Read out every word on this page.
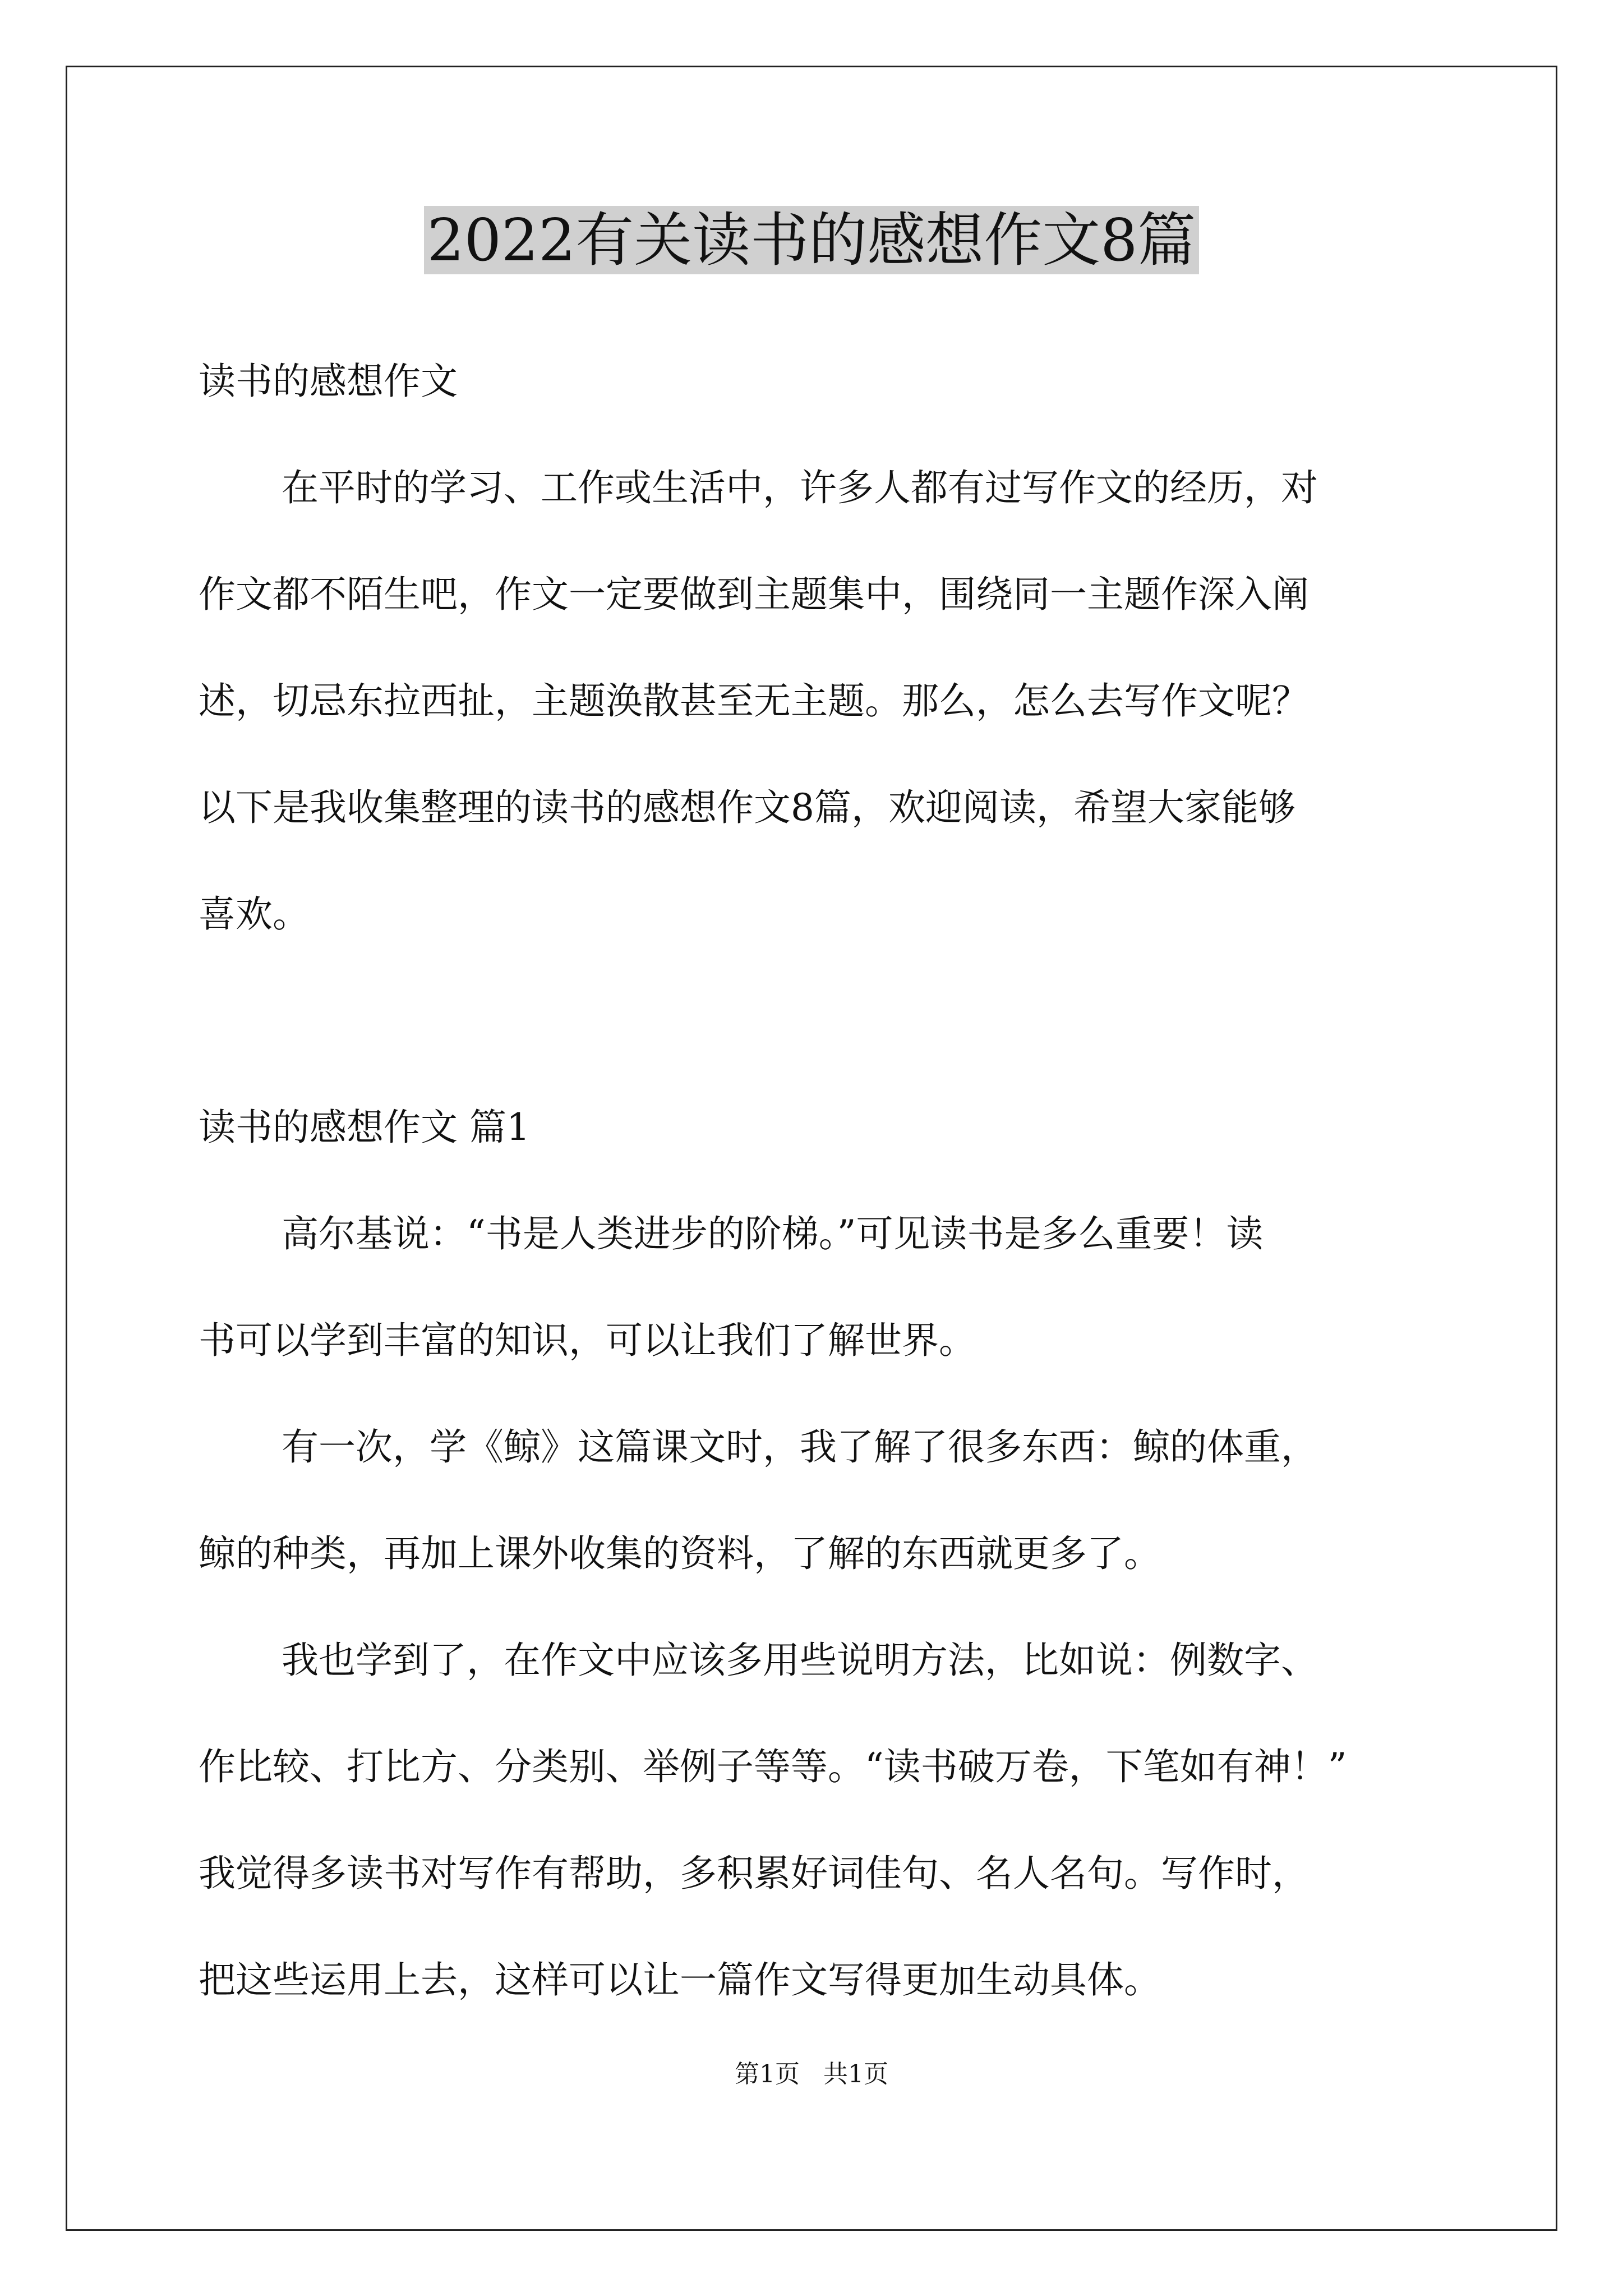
2022有关读书的感想作文8篇
读书的感想作文
在平时的学习、工作或生活中，许多人都有过写作文的经历，对
作文都不陌生吧，作文一定要做到主题集中，围绕同一主题作深入阐
述，切忌东拉西扯，主题涣散甚至无主题。那么，怎么去写作文呢？
以下是我收集整理的读书的感想作文8篇，欢迎阅读，希望大家能够
喜欢。
读书的感想作文 篇1
高尔基说：“书是人类进步的阶梯。”可见读书是多么重要！读
书可以学到丰富的知识，可以让我们了解世界。
有一次，学《鲸》这篇课文时，我了解了很多东西：鲸的体重，
鲸的种类，再加上课外收集的资料，了解的东西就更多了。
我也学到了，在作文中应该多用些说明方法，比如说：例数字、
作比较、打比方、分类别、举例子等等。“读书破万卷，下笔如有神！”
我觉得多读书对写作有帮助，多积累好词佳句、名人名句。写作时，
把这些运用上去，这样可以让一篇作文写得更加生动具体。
第1页   共1页
